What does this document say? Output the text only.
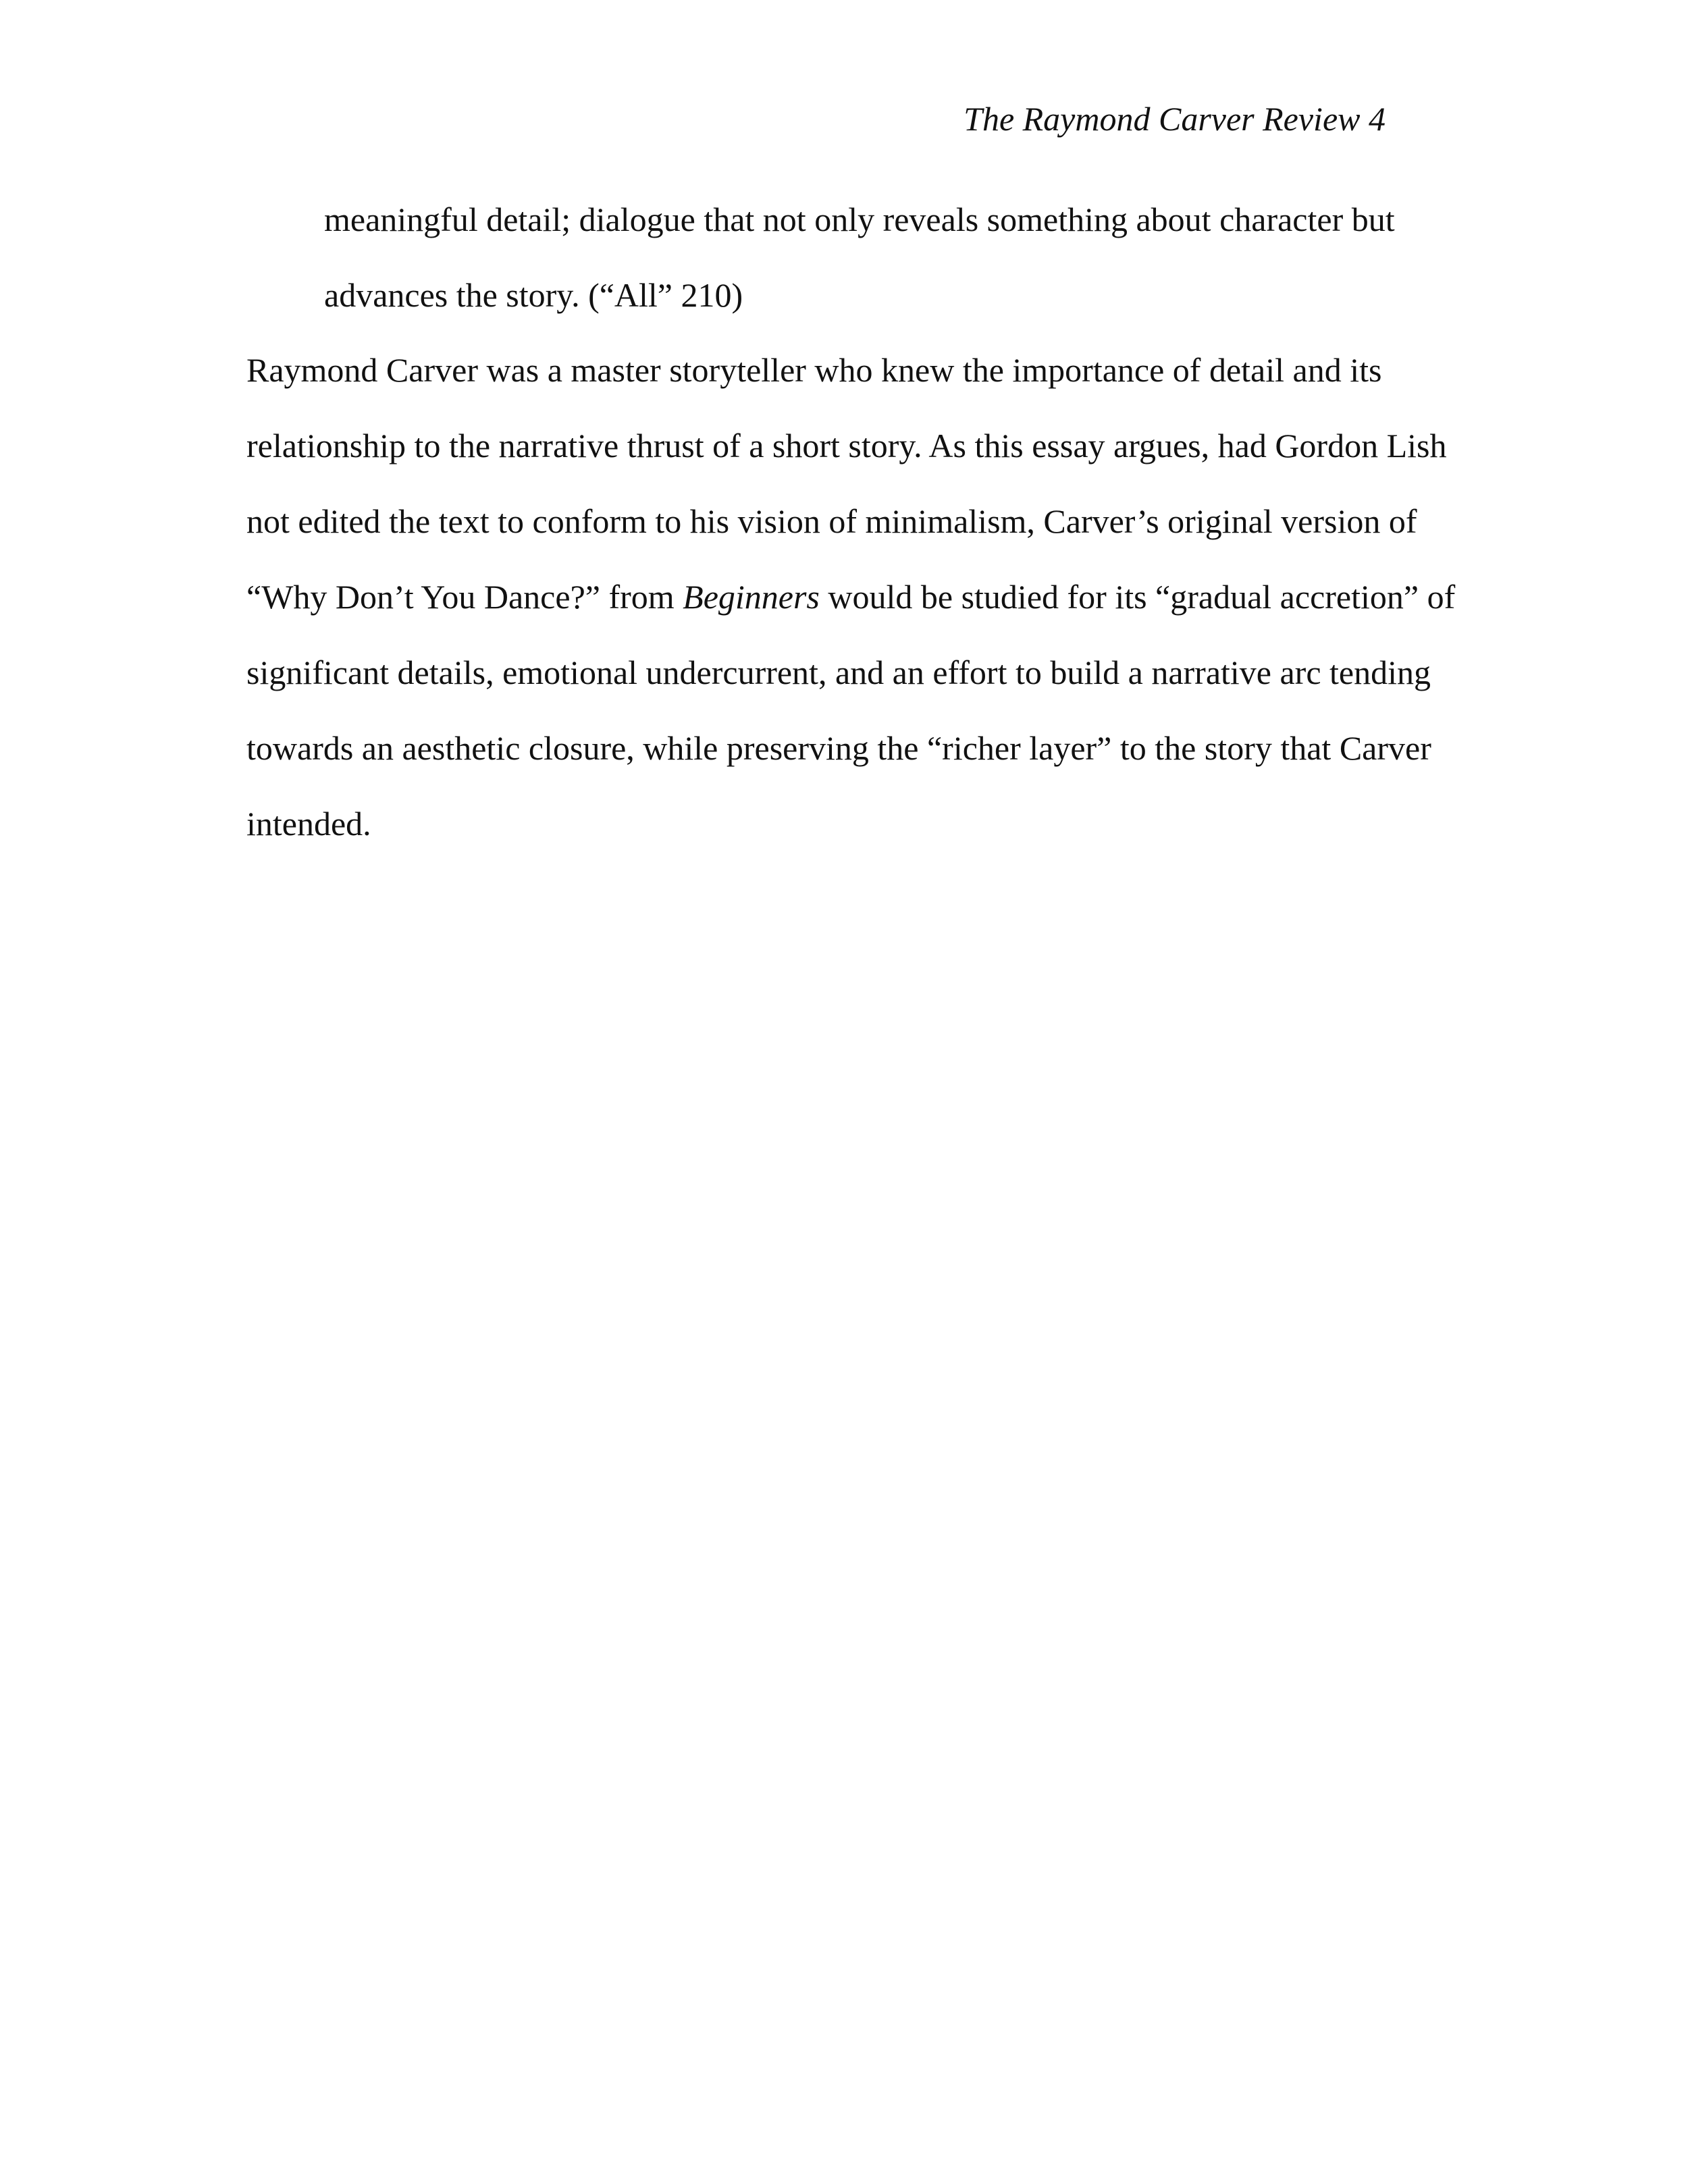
The Raymond Carver Review 4
meaningful detail; dialogue that not only reveals something about character but
advances the story. (“All” 210)
Raymond Carver was a master storyteller who knew the importance of detail and its
relationship to the narrative thrust of a short story. As this essay argues, had Gordon Lish
not edited the text to conform to his vision of minimalism, Carver’s original version of
“Why Don’t You Dance?” from Beginners would be studied for its “gradual accretion” of
significant details, emotional undercurrent, and an effort to build a narrative arc tending
towards an aesthetic closure, while preserving the “richer layer” to the story that Carver
intended.
